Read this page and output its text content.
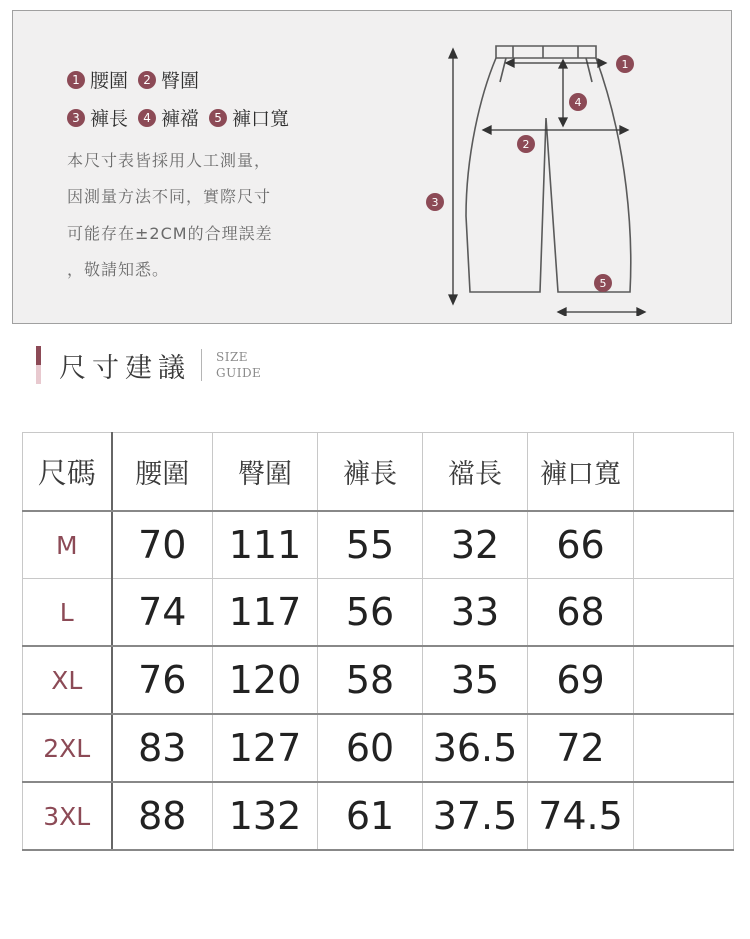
1 腰圍	2 臀圍
3 褲長	4 褲襠	5 褲口寬
本尺寸表皆採用人工測量，
因測量方法不同，實際尺寸
可能存在±2CM的合理誤差
，敬請知悉。
1
2
3
4
5
尺寸建議 SIZE
GUIDE
尺碼	腰圍	臀圍	褲長	襠長	褲口寬	
M	70	111	55	32	66	
L	74	117	56	33	68	
XL	76	120	58	35	69	
2XL	83	127	60	36.5	72	
3XL	88	132	61	37.5	74.5	
